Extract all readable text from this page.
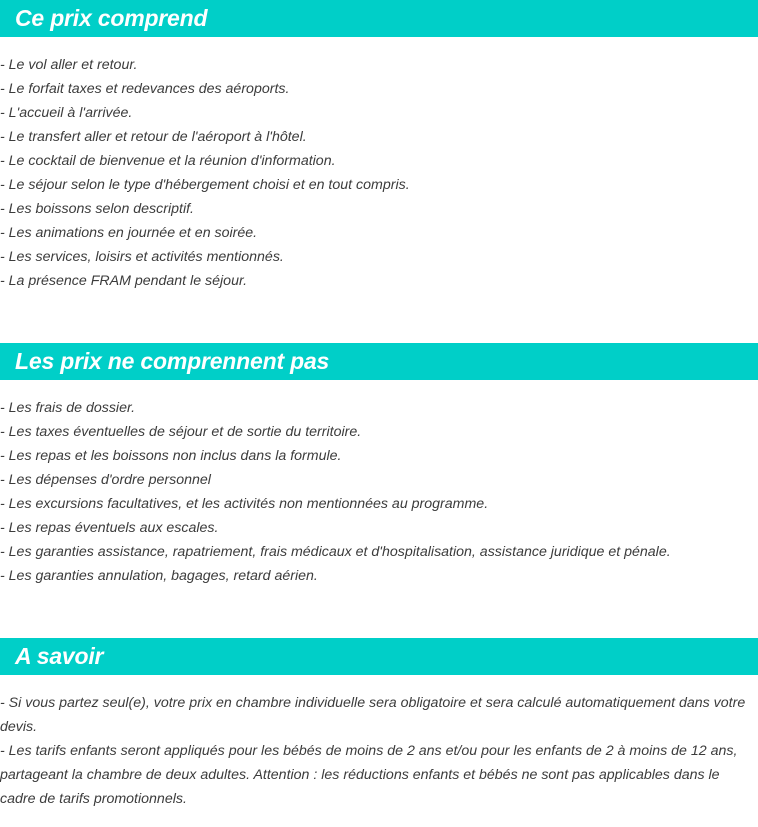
Ce prix comprend
- Le vol aller et retour.
- Le forfait taxes et redevances des aéroports.
- L'accueil à l'arrivée.
- Le transfert aller et retour de l'aéroport à l'hôtel.
- Le cocktail de bienvenue et la réunion d'information.
- Le séjour selon le type d'hébergement choisi et en tout compris.
- Les boissons selon descriptif.
- Les animations en journée et en soirée.
- Les services, loisirs et activités mentionnés.
- La présence FRAM pendant le séjour.
Les prix ne comprennent pas
- Les frais de dossier.
- Les taxes éventuelles de séjour et de sortie du territoire.
- Les repas et les boissons non inclus dans la formule.
- Les dépenses d'ordre personnel
- Les excursions facultatives, et les activités non mentionnées au programme.
- Les repas éventuels aux escales.
- Les garanties assistance, rapatriement, frais médicaux et d'hospitalisation, assistance juridique et pénale.
- Les garanties annulation, bagages, retard aérien.
A savoir
- Si vous partez seul(e), votre prix en chambre individuelle sera obligatoire et sera calculé automatiquement dans votre devis.
- Les tarifs enfants seront appliqués pour les bébés de moins de 2 ans et/ou pour les enfants de 2 à moins de 12 ans, partageant la chambre de deux adultes. Attention : les réductions enfants et bébés ne sont pas applicables dans le cadre de tarifs promotionnels.
